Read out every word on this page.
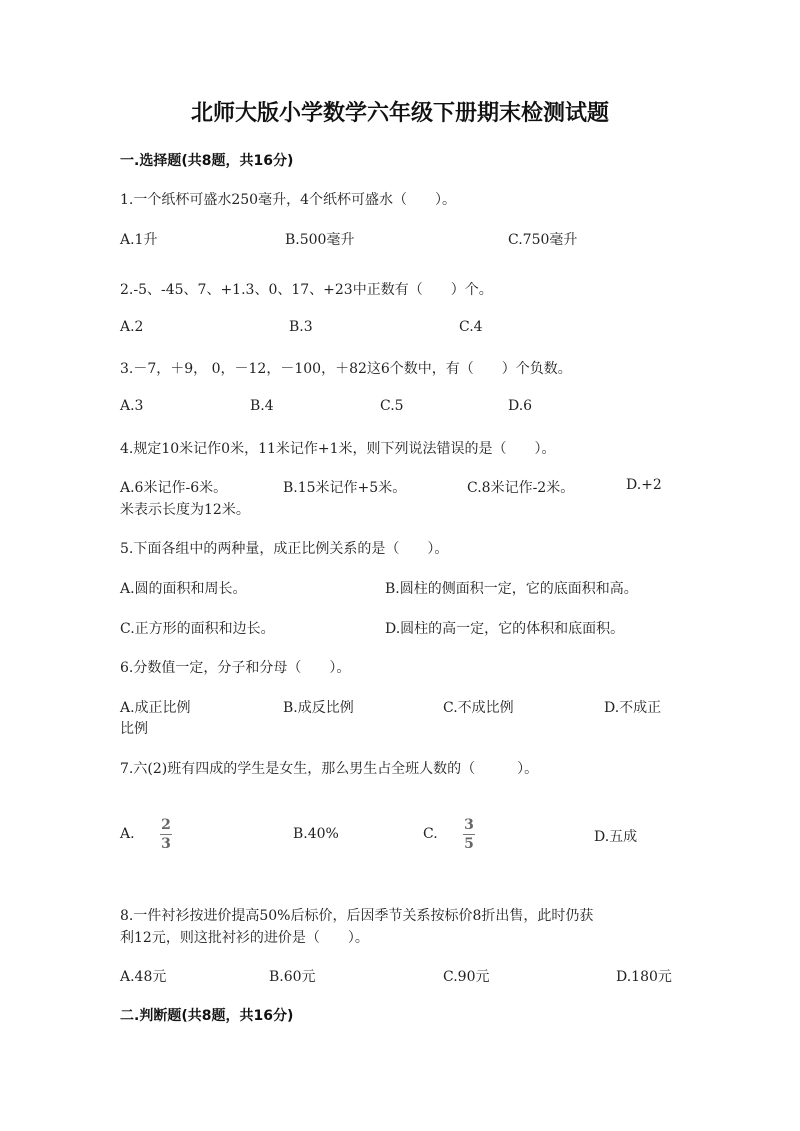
北师大版小学数学六年级下册期末检测试题
一.选择题(共8题，共16分)
1.一个纸杯可盛水250毫升，4个纸杯可盛水（　　）。
A.1升	B.500毫升	C.750毫升
2.-5、-45、7、+1.3、0、17、+23中正数有（　　）个。
A.2	B.3	C.4
3.－7，＋9， 0，－12，－100，＋82这6个数中，有（　　）个负数。
A.3	B.4	C.5	D.6
4.规定10米记作0米，11米记作+1米，则下列说法错误的是（　　）。
A.6米记作-6米。	B.15米记作+5米。	C.8米记作-2米。	D.+2
米表示长度为12米。
5.下面各组中的两种量，成正比例关系的是（　　）。
A.圆的面积和周长。	B.圆柱的侧面积一定，它的底面积和高。
C.正方形的面积和边长。	D.圆柱的高一定，它的体积和底面积。
6.分数值一定，分子和分母（　　）。
A.成正比例	B.成反比例	C.不成比例	D.不成正
比例
7.六(2)班有四成的学生是女生，那么男生占全班人数的（　　　）。
A.
2
3
B.40%	C.
3
5	D.五成
8.一件衬衫按进价提高50%后标价，后因季节关系按标价8折出售，此时仍获
利12元，则这批衬衫的进价是（　　）。
A.48元	B.60元	C.90元	D.180元
二.判断题(共8题，共16分)
